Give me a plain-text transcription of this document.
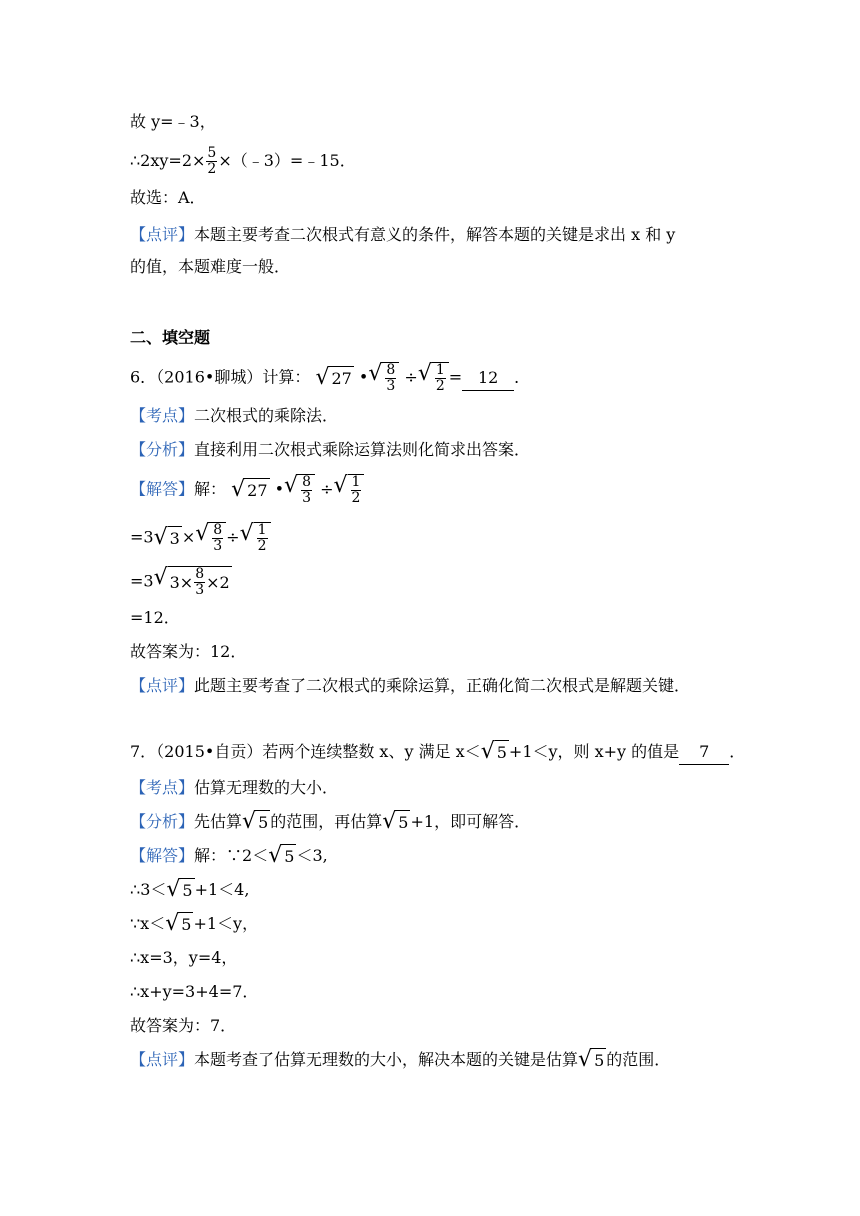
故 y=﹣3，
∴2xy=2× $\frac{5}{2}$ ×（﹣3）=﹣15．
故选：A．
【点评】本题主要考查二次根式有意义的条件，解答本题的关键是求出 x 和 y
的值，本题难度一般．
二、填空题
6．（2016•聊城）计算： √ 27 • √ $\frac{8}{3}$ ÷ √ $\frac{1}{2} = 12$ ．
【考点】二次根式的乘除法．
【分析】直接利用二次根式乘除运算法则化简求出答案．
【解答】解： √ 27 • √ $\frac{8}{3}$ ÷ √ $\frac{1}{2}$
=3 √ 3 × √ $\frac{8}{3}$ ÷ √ $\frac{1}{2}$
=3 √ $3\times \frac{8}{3} \times 2$
=12．
故答案为：12．
【点评】此题主要考查了二次根式的乘除运算，正确化简二次根式是解题关键．
7．（2015•自贡）若两个连续整数 x、y 满足 x＜ √ 5 +1＜y，则 x+y 的值是 7 ．
【考点】估算无理数的大小．
【分析】先估算 √ 5 的范围，再估算 √ 5 +1，即可解答．
【解答】解：∵2＜ √ 5 ＜3,
∴3＜ √ 5 +1＜4,
∵x＜ √ 5 +1＜y，
∴x=3，y=4，
∴x+y=3+4=7．
故答案为：7．
【点评】本题考查了估算无理数的大小，解决本题的关键是估算 √ 5 的范围．
